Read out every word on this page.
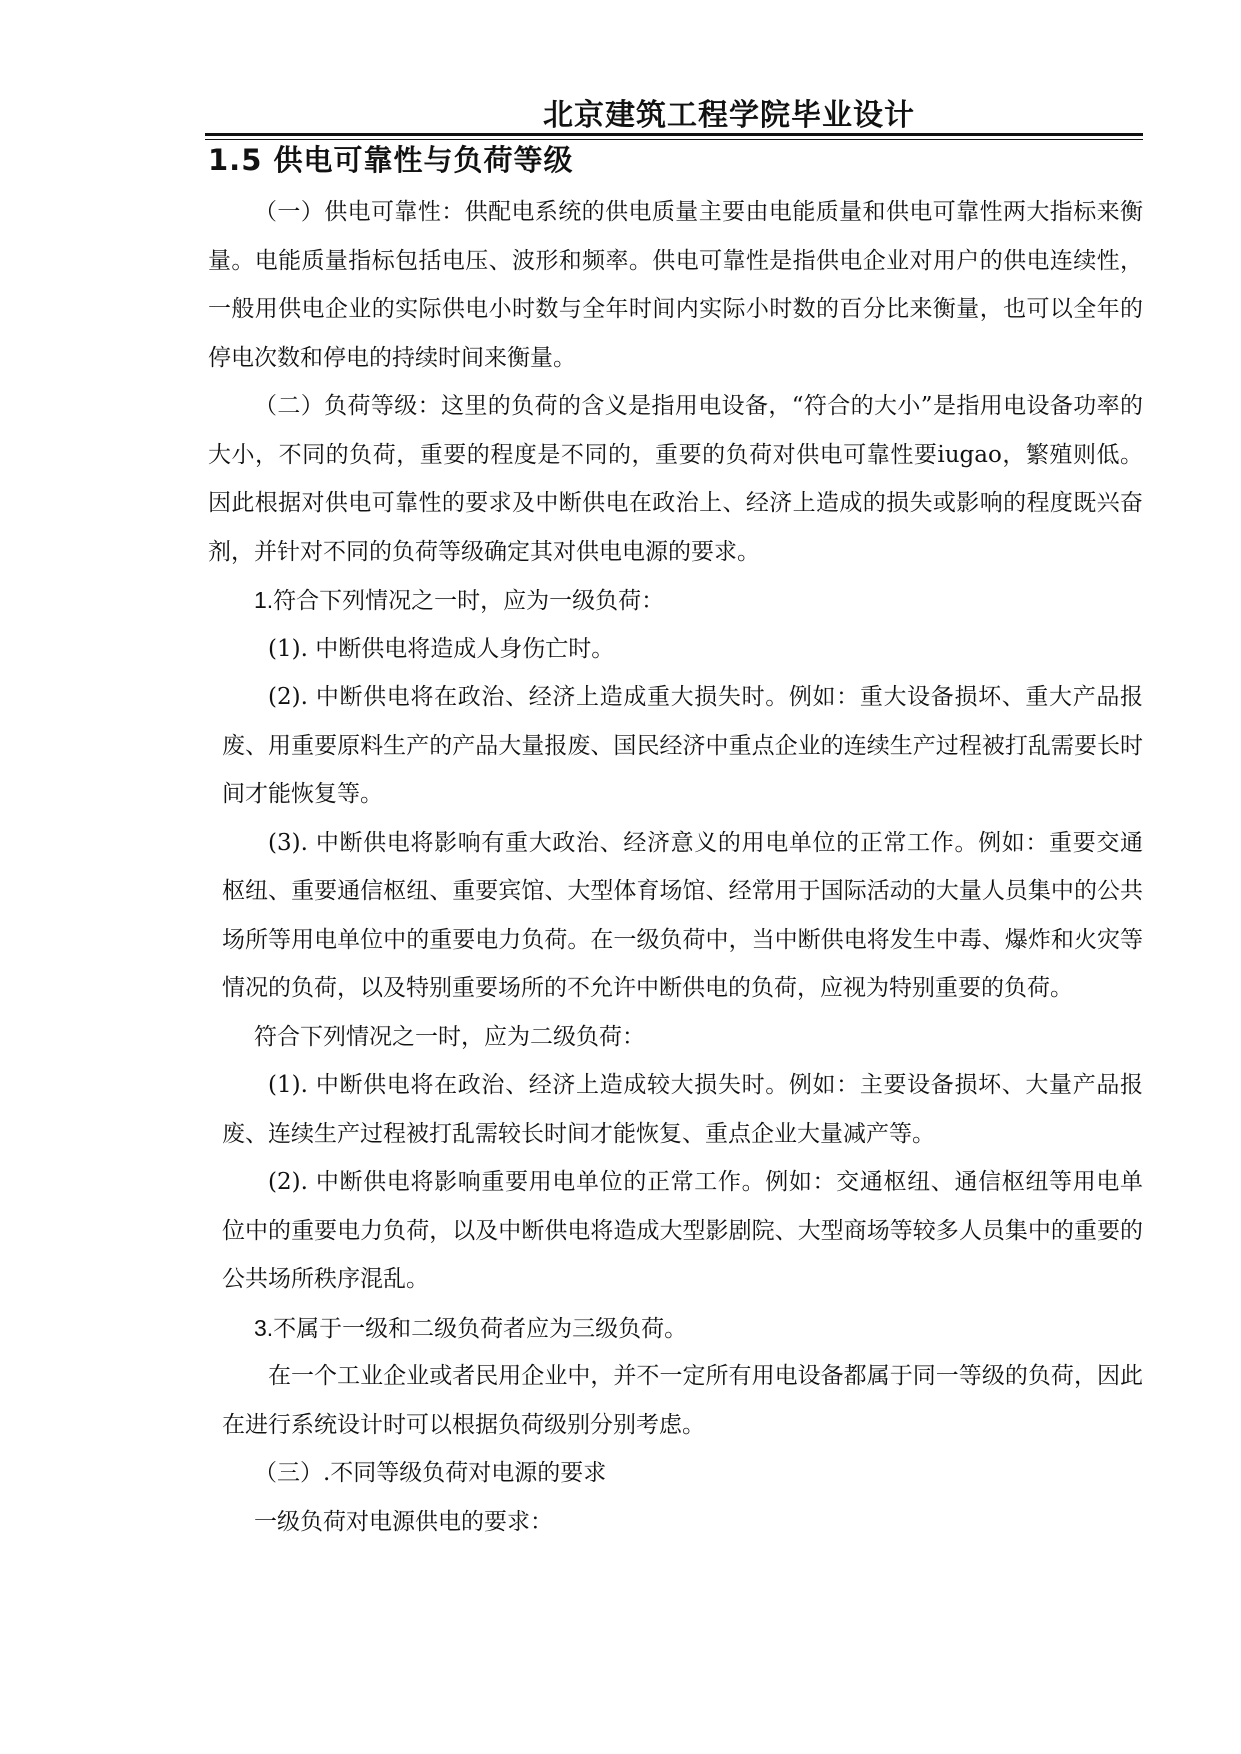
北京建筑工程学院毕业设计
1.5 供电可靠性与负荷等级

（一）供电可靠性：供配电系统的供电质量主要由电能质量和供电可靠性两大指标来衡量。电能质量指标包括电压、波形和频率。供电可靠性是指供电企业对用户的供电连续性，一般用供电企业的实际供电小时数与全年时间内实际小时数的百分比来衡量，也可以全年的停电次数和停电的持续时间来衡量。

（二）负荷等级：这里的负荷的含义是指用电设备，“符合的大小”是指用电设备功率的大小，不同的负荷，重要的程度是不同的，重要的负荷对供电可靠性要iugao，繁殖则低。因此根据对供电可靠性的要求及中断供电在政治上、经济上造成的损失或影响的程度既兴奋剂，并针对不同的负荷等级确定其对供电电源的要求。

1.符合下列情况之一时，应为一级负荷：

(1). 中断供电将造成人身伤亡时。

(2). 中断供电将在政治、经济上造成重大损失时。例如：重大设备损坏、重大产品报废、用重要原料生产的产品大量报废、国民经济中重点企业的连续生产过程被打乱需要长时间才能恢复等。

(3). 中断供电将影响有重大政治、经济意义的用电单位的正常工作。例如：重要交通枢纽、重要通信枢纽、重要宾馆、大型体育场馆、经常用于国际活动的大量人员集中的公共场所等用电单位中的重要电力负荷。在一级负荷中，当中断供电将发生中毒、爆炸和火灾等情况的负荷，以及特别重要场所的不允许中断供电的负荷，应视为特别重要的负荷。

符合下列情况之一时，应为二级负荷：

(1). 中断供电将在政治、经济上造成较大损失时。例如：主要设备损坏、大量产品报废、连续生产过程被打乱需较长时间才能恢复、重点企业大量减产等。

(2). 中断供电将影响重要用电单位的正常工作。例如：交通枢纽、通信枢纽等用电单位中的重要电力负荷，以及中断供电将造成大型影剧院、大型商场等较多人员集中的重要的公共场所秩序混乱。

3.不属于一级和二级负荷者应为三级负荷。

在一个工业企业或者民用企业中，并不一定所有用电设备都属于同一等级的负荷，因此在进行系统设计时可以根据负荷级别分别考虑。

（三）.不同等级负荷对电源的要求

一级负荷对电源供电的要求：
